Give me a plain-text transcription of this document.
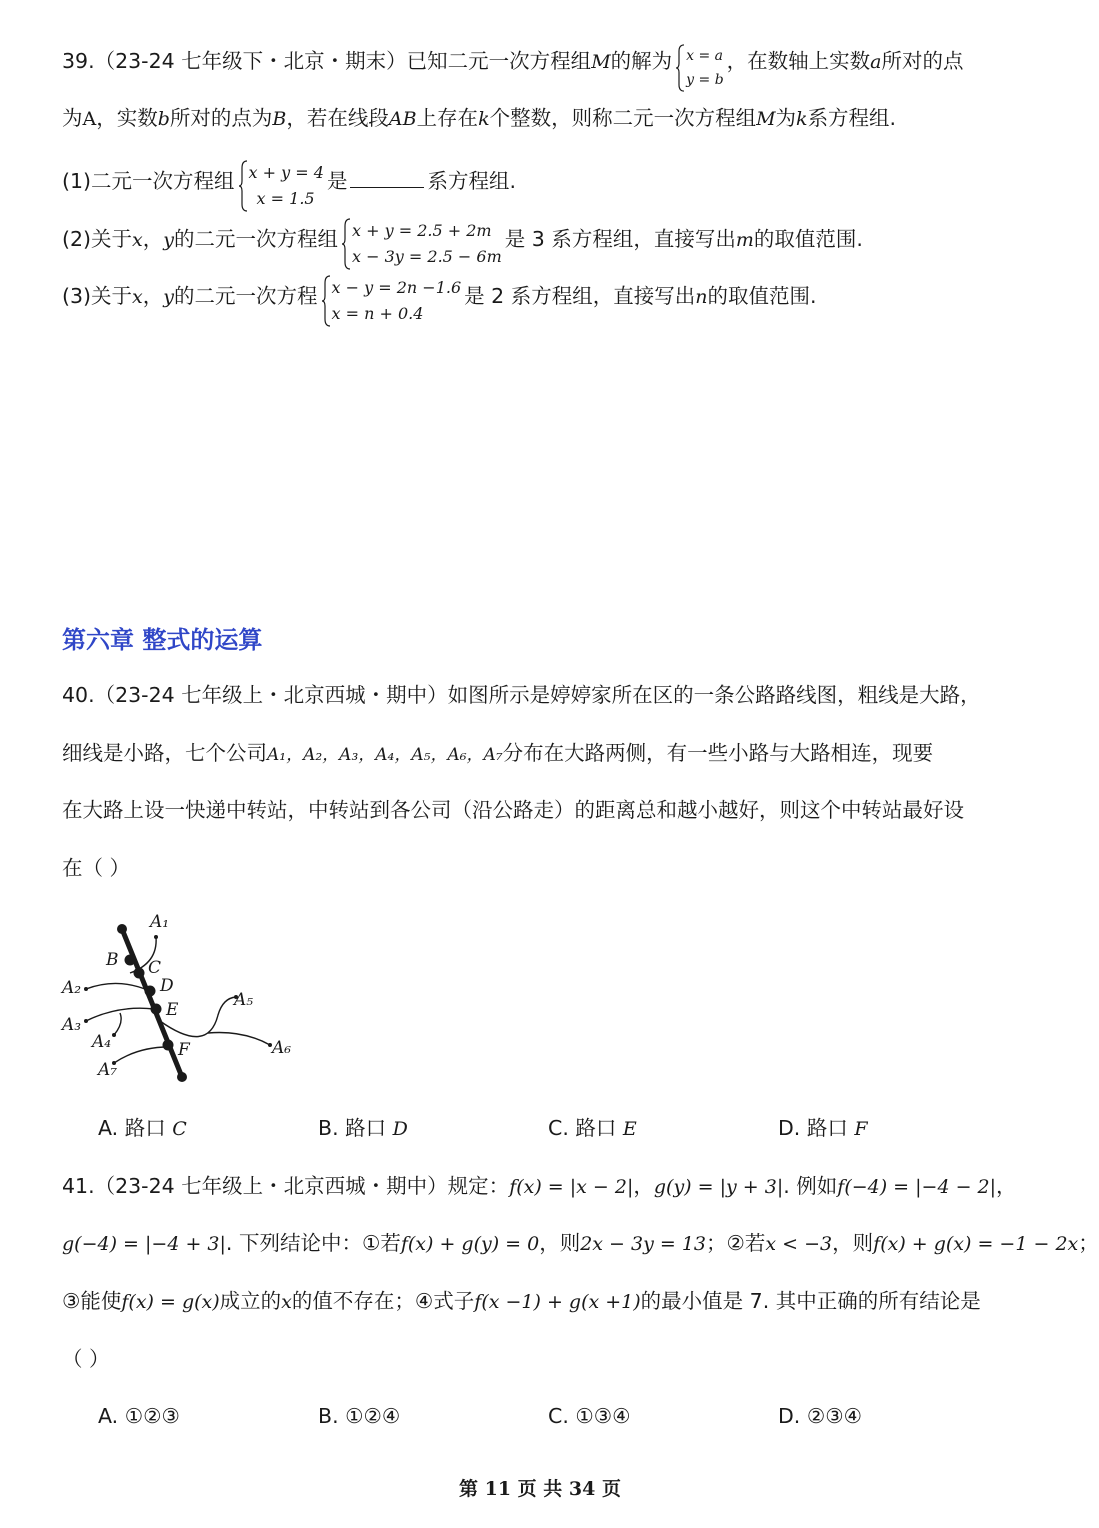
39.（23-24 七年级下・北京・期末）已知二元一次方程组M的解为 x = a
y = b
，在数轴上实数a所对的点
为A，实数b所对的点为B，若在线段AB上存在k个整数，则称二元一次方程组M为k系方程组.
(1)二元一次方程组 x + y = 4
x = 1.5
是	系方程组.
(2)关于x，y的二元一次方程组 x + y = 2.5 + 2m
x − 3y = 2.5 − 6m
是 3 系方程组，直接写出m的取值范围.
(3)关于x，y的二元一次方程 x − y = 2n −1.6
x = n + 0.4
是 2 系方程组，直接写出n的取值范围.
第六章 整式的运算
40.（23-24 七年级上・北京西城・期中）如图所示是婷婷家所在区的一条公路路线图，粗线是大路，
细线是小路，七个公司A₁，A₂，A₃，A₄，A₅，A₆，A₇分布在大路两侧，有一些小路与大路相连，现要
在大路上设一快递中转站，中转站到各公司（沿公路走）的距离总和越小越好，则这个中转站最好设
在（ ）
A₁
A₂
A₃
A₄
A₅
A₆
A₇
B C
D
E
F
A. 路口 C	B. 路口 D	C. 路口 E	D. 路口 F
41.（23-24 七年级上・北京西城・期中）规定：f(x) = |x − 2|，g(y) = |y + 3|. 例如f(−4) = |−4 − 2|，
g(−4) = |−4 + 3|. 下列结论中：①若f(x) + g(y) = 0，则2x − 3y = 13；②若x < −3，则f(x) + g(x) = −1 − 2x；
③能使f(x) = g(x)成立的x的值不存在；④式子f(x −1) + g(x +1)的最小值是 7. 其中正确的所有结论是
（ ）
A. ①②③	B. ①②④	C. ①③④	D. ②③④
第 11 页 共 34 页
